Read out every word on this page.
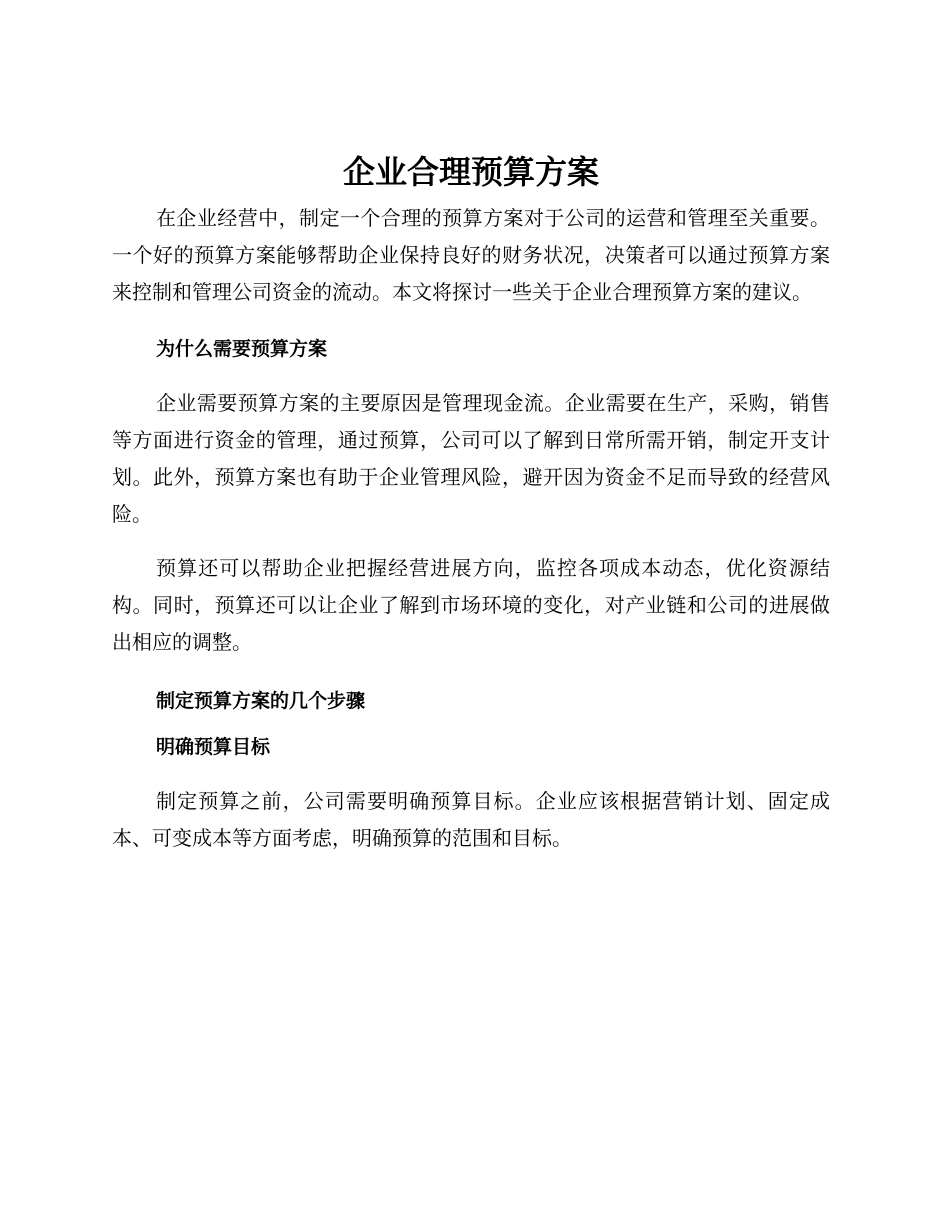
企业合理预算方案

在企业经营中，制定一个合理的预算方案对于公司的运营和管理至关重要。一个好的预算方案能够帮助企业保持良好的财务状况，决策者可以通过预算方案来控制和管理公司资金的流动。本文将探讨一些关于企业合理预算方案的建议。

为什么需要预算方案

企业需要预算方案的主要原因是管理现金流。企业需要在生产，采购，销售等方面进行资金的管理，通过预算，公司可以了解到日常所需开销，制定开支计划。此外，预算方案也有助于企业管理风险，避开因为资金不足而导致的经营风险。

预算还可以帮助企业把握经营进展方向，监控各项成本动态，优化资源结构。同时，预算还可以让企业了解到市场环境的变化，对产业链和公司的进展做出相应的调整。

制定预算方案的几个步骤
明确预算目标

制定预算之前，公司需要明确预算目标。企业应该根据营销计划、固定成本、可变成本等方面考虑，明确预算的范围和目标。
